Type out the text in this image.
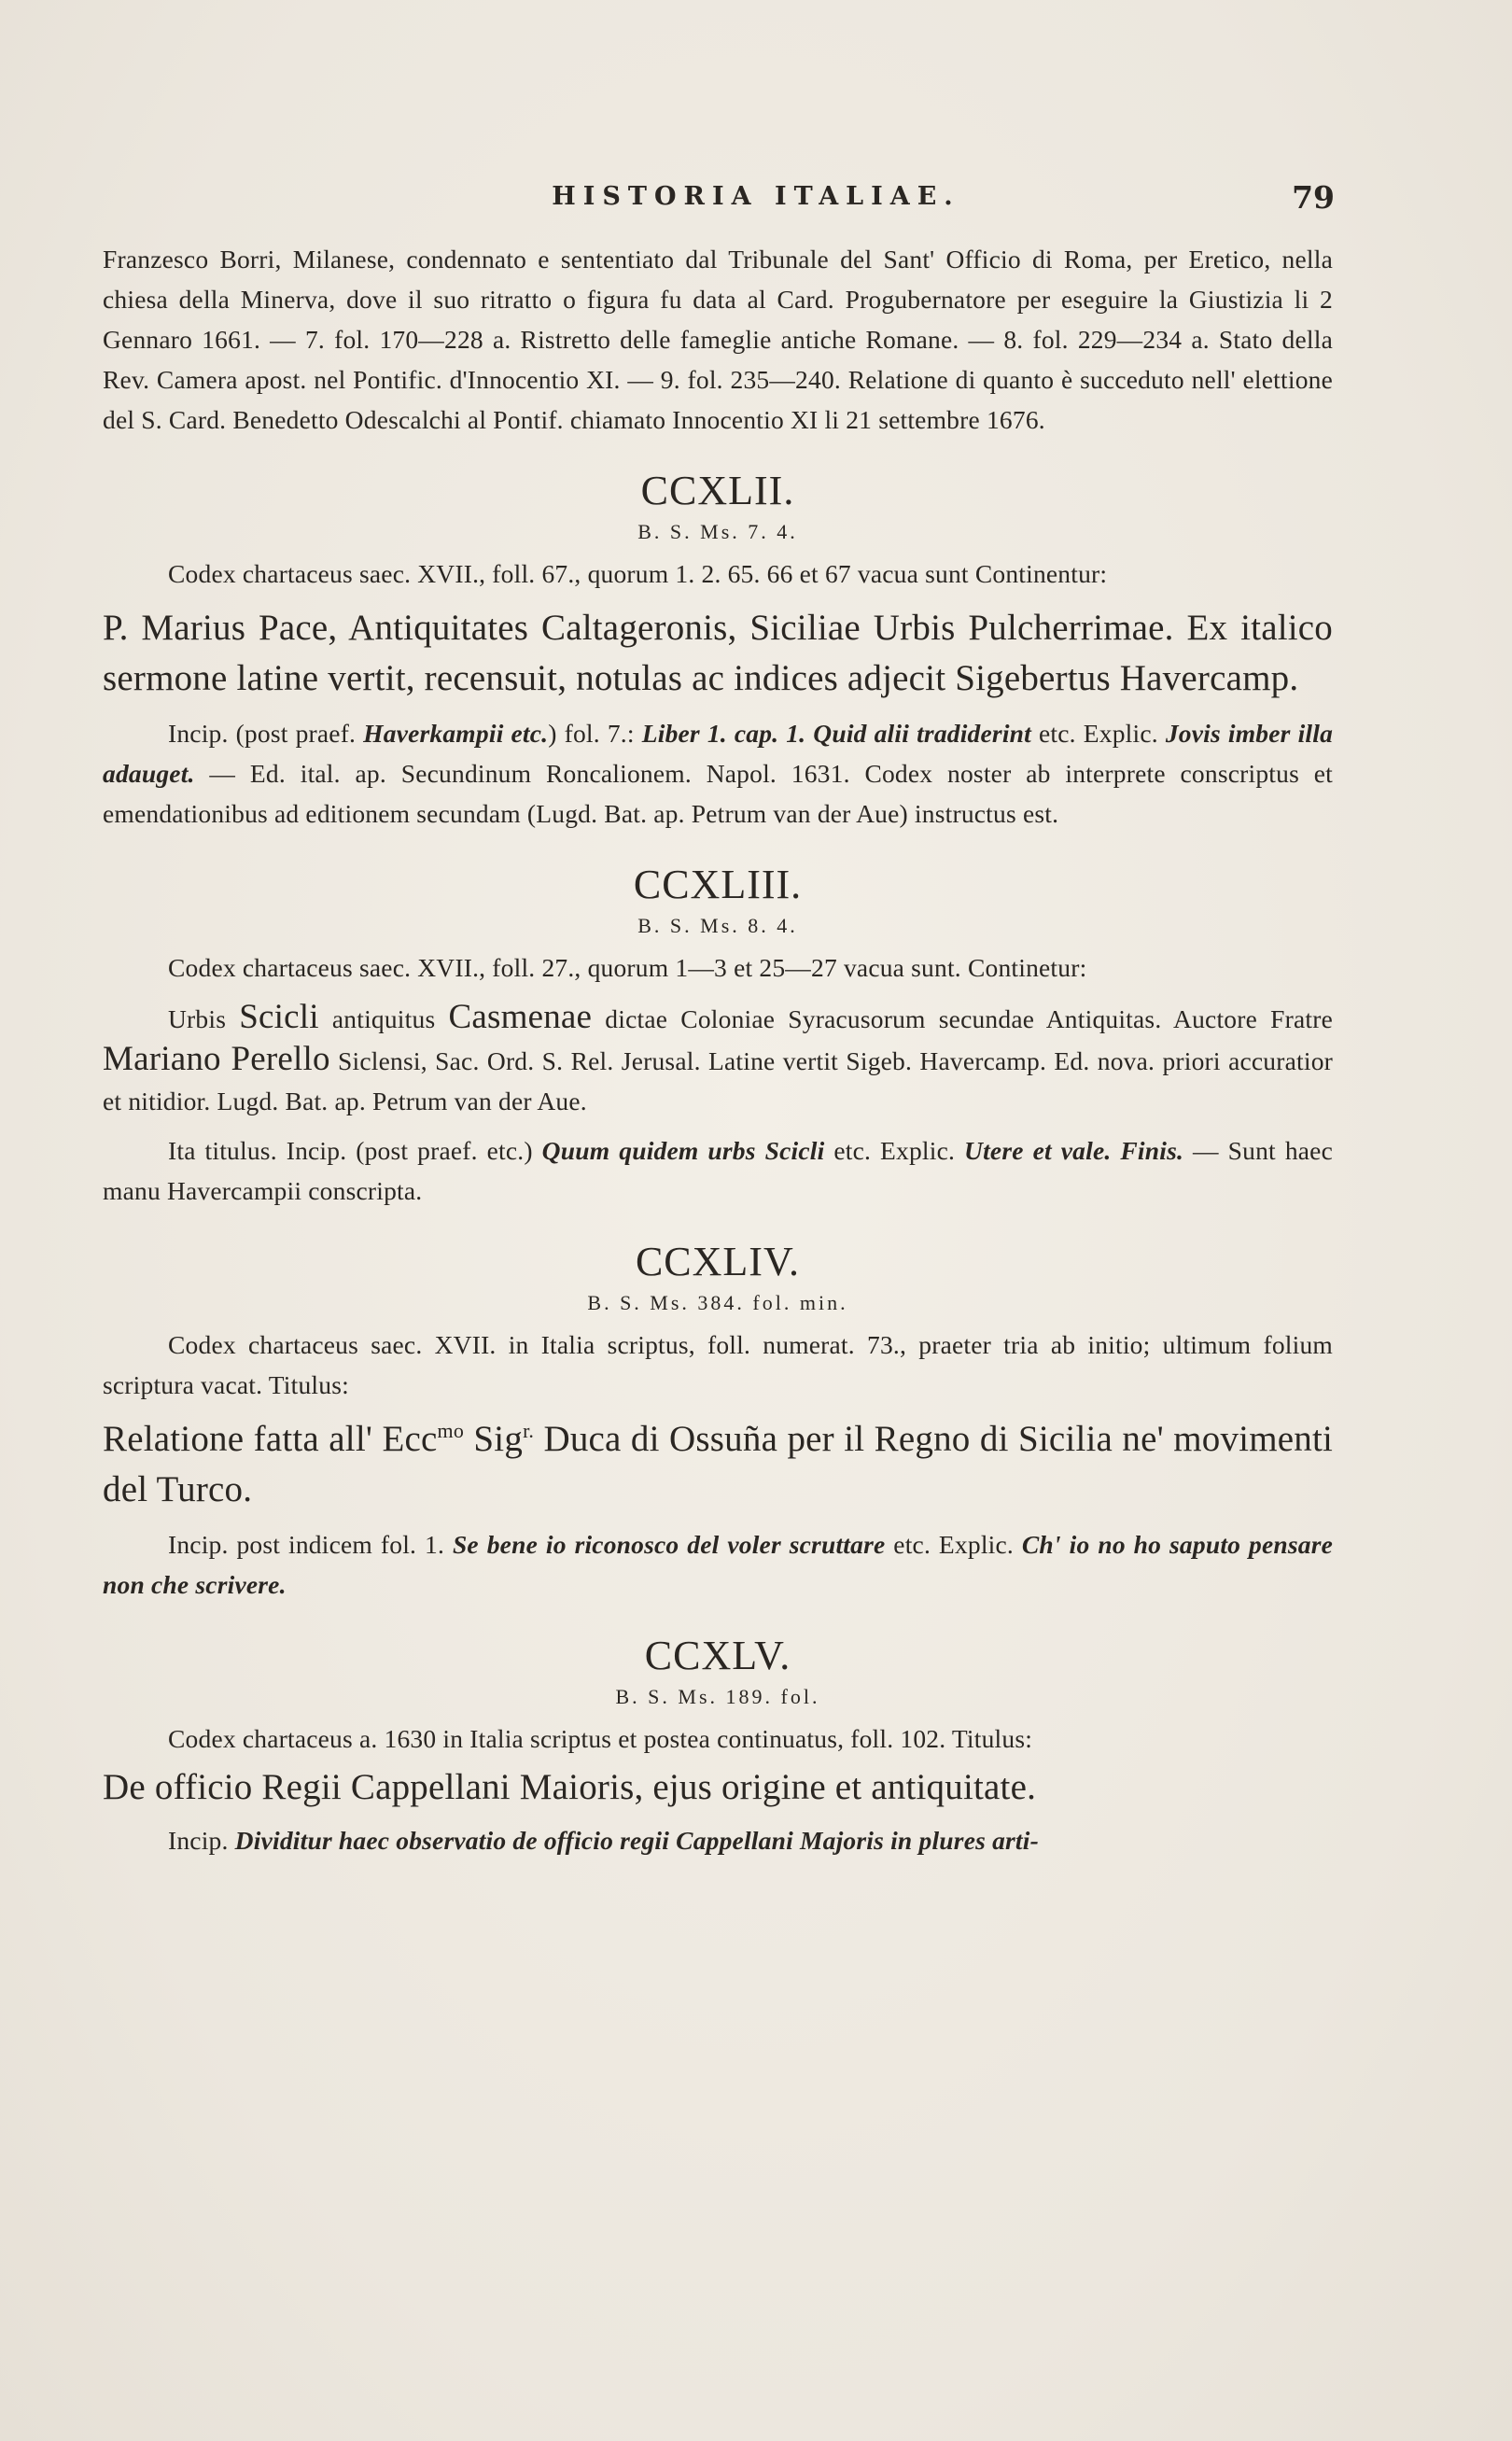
HISTORIA ITALIAE.	79

Franzesco Borri, Milanese, condennato e sententiato dal Tribunale del Sant' Officio di Roma, per Eretico, nella chiesa della Minerva, dove il suo ritratto o figura fu data al Card. Progubernatore per eseguire la Giustizia li 2 Gennaro 1661. — 7. fol. 170—228 a. Ristretto delle fameglie antiche Romane. — 8. fol. 229—234 a. Stato della Rev. Camera apost. nel Pontific. d'Innocentio XI. — 9. fol. 235—240. Relatione di quanto è succeduto nell' elettione del S. Card. Benedetto Odescalchi al Pontif. chiamato Innocentio XI li 21 settembre 1676.

CCXLII.
B. S. Ms. 7. 4.

Codex chartaceus saec. XVII., foll. 67., quorum 1. 2. 65. 66 et 67 vacua sunt Continentur:

P. Marius Pace, Antiquitates Caltageronis, Siciliae Urbis Pulcherrimae. Ex italico sermone latine vertit, recensuit, notulas ac indices adjecit Sigebertus Havercamp.

Incip. (post praef. Haverkampii etc.) fol. 7.: Liber 1. cap. 1. Quid alii tradiderint etc. Explic. Jovis imber illa adauget. — Ed. ital. ap. Secundinum Roncalionem. Napol. 1631. Codex noster ab interprete conscriptus et emendationibus ad editionem secundam (Lugd. Bat. ap. Petrum van der Aue) instructus est.

CCXLIII.
B. S. Ms. 8. 4.

Codex chartaceus saec. XVII., foll. 27., quorum 1—3 et 25—27 vacua sunt. Continetur:

Urbis Scicli antiquitus Casmenae dictae Coloniae Syracusorum secundae Antiquitas. Auctore Fratre Mariano Perello Siclensi, Sac. Ord. S. Rel. Jerusal. Latine vertit Sigeb. Havercamp. Ed. nova. priori accuratior et nitidior. Lugd. Bat. ap. Petrum van der Aue.

Ita titulus. Incip. (post praef. etc.) Quum quidem urbs Scicli etc. Explic. Utere et vale. Finis. — Sunt haec manu Havercampii conscripta.

CCXLIV.
B. S. Ms. 384. fol. min.

Codex chartaceus saec. XVII. in Italia scriptus, foll. numerat. 73., praeter tria ab initio; ultimum folium scriptura vacat. Titulus:

Relatione fatta all' Ecc$^{mo}$ Sig$^{r.}$ Duca di Ossuña per il Regno di Sicilia ne' movimenti del Turco.

Incip. post indicem fol. 1. Se bene io riconosco del voler scruttare etc. Explic. Ch' io no ho saputo pensare non che scrivere.

CCXLV.
B. S. Ms. 189. fol.

Codex chartaceus a. 1630 in Italia scriptus et postea continuatus, foll. 102. Titulus:

De officio Regii Cappellani Maioris, ejus origine et antiquitate.

Incip. Dividitur haec observatio de officio regii Cappellani Majoris in plures arti-
